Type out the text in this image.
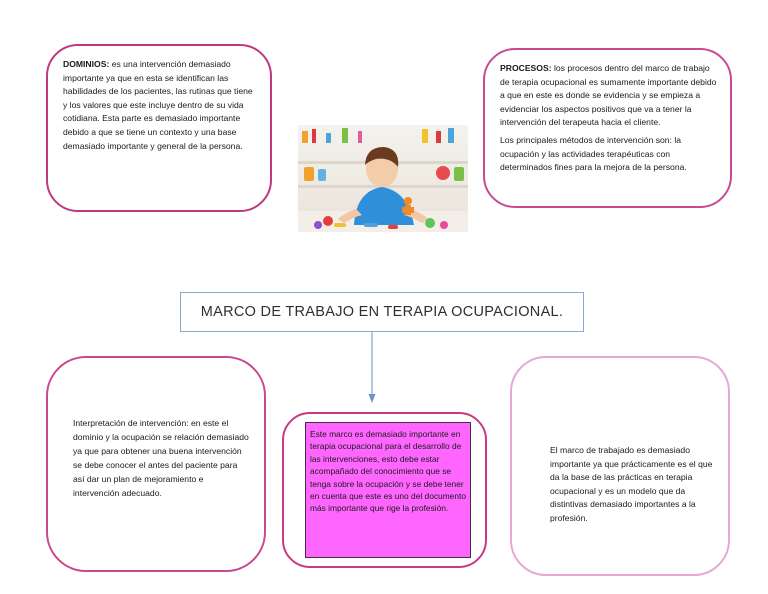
DOMINIOS: es una intervención demasiado importante ya que en esta se identifican las habilidades de los pacientes, las rutinas que tiene y los valores que este incluye dentro de su vida cotidiana. Esta parte es demasiado importante debido a que se tiene un contexto y una base demasiado importante y general de la persona.

PROCESOS: los procesos dentro del marco de trabajo de terapia ocupacional es sumamente importante debido a que en este es donde se evidencia y se empieza a evidenciar los aspectos positivos que va a tener la intervención del terapeuta hacia el cliente.

Los principales métodos de intervención son: la ocupación y las actividades terapéuticas con determinados fines para la mejora de la persona.

MARCO DE TRABAJO EN TERAPIA OCUPACIONAL.

Interpretación de intervención: en este el dominio y la ocupación se relación demasiado ya que para obtener una buena intervención se debe conocer el antes del paciente para así dar un plan de mejoramiento e intervención adecuado.

Este marco es demasiado importante en terapia ocupacional para el desarrollo de las intervenciones, esto debe estar acompañado del conocimiento que se tenga sobre la ocupación y se debe tener en cuenta que este es uno del documento más importante que rige la profesión.

El marco de trabajado es demasiado importante ya que prácticamente es el que da la base de las prácticas en terapia ocupacional y es un modelo que da distintivas demasiado importantes a la profesión.
